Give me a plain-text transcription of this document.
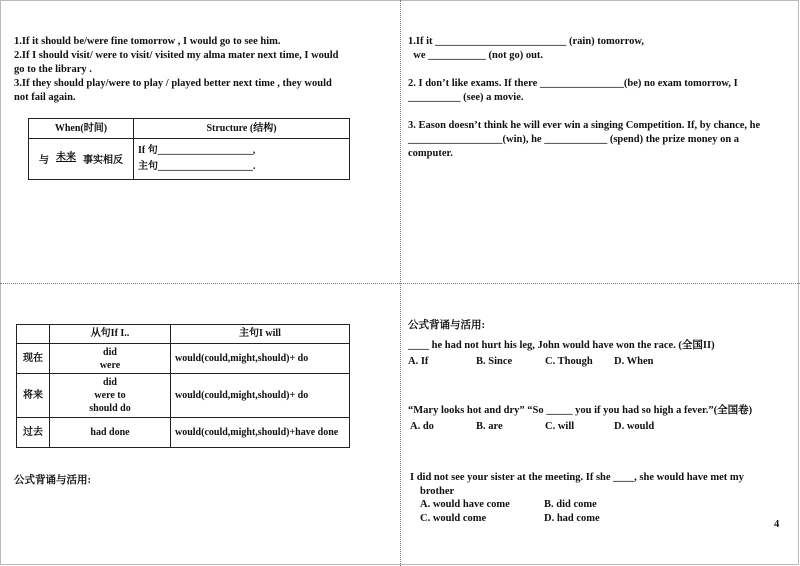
1.If it should be/were fine tomorrow , I would go to see him.

2.If I should visit/ were to visit/ visited my alma mater next time, I would

go to the library .

3.If they should play/were to play / played better next time , they would

not fail again.

When(时间)	Structure (结构)
与 未来 事实相反	If 句___________________,

主句___________________.

1.If it _________________________ (rain) tomorrow,

we ___________ (not go) out.

2. I don’t like exams. If there ________________(be) no exam tomorrow, I

__________ (see) a movie.

3. Eason doesn’t think he will ever win a singing Competition. If, by chance, he

__________________(win), he ____________ (spend) the prize money on a

computer.

	从句If I..	主句I will
现在	did
were	would(could,might,should)+ do
将来	did
were to
should do	would(could,might,should)+ do
过去	had done	would(could,might,should)+have done

公式背诵与活用:

公式背诵与活用:

____ he had not hurt his leg, John would have won the race. (全国II)

A. If	B. Since	C. Though	D. When

“Mary looks hot and dry” “So _____ you if you had so high a fever.”(全国卷)

A. do	B. are	C. will	D. would

I did not see your sister at the meeting. If she ____, she would have met my

brother

A. would have come	B. did come
C. would come	D. had come

4
